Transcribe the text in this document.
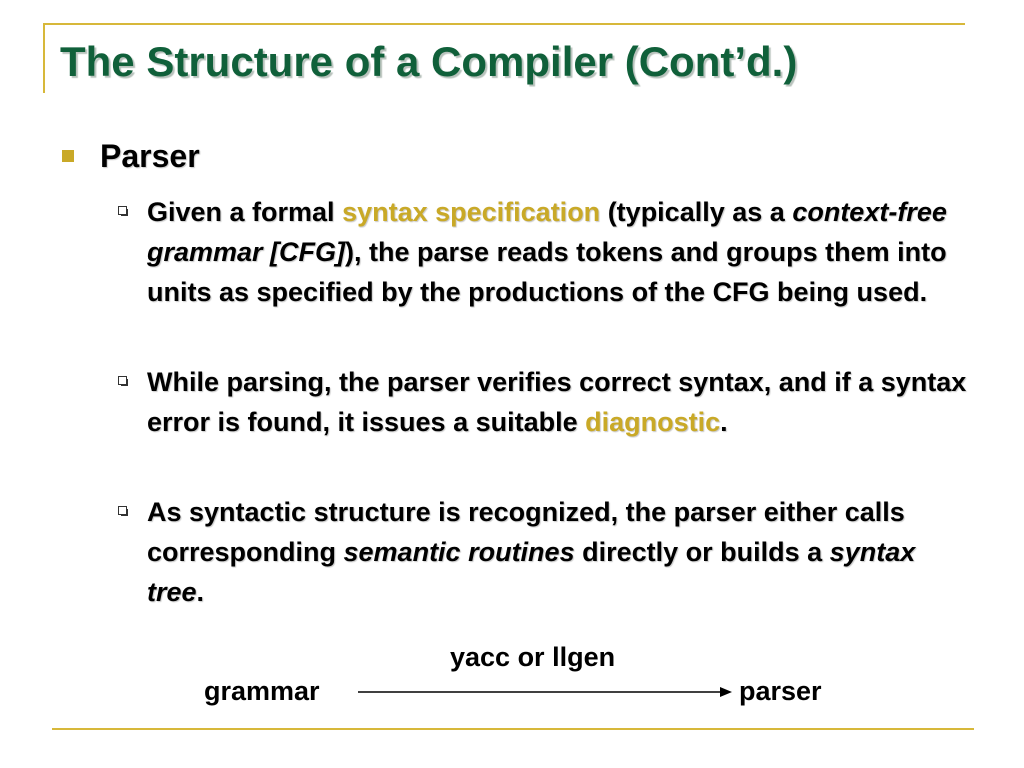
The Structure of a Compiler (Cont’d.)
Parser
Given a formal syntax specification (typically as a context-free grammar [CFG]), the parse reads tokens and groups them into units as specified by the productions of the CFG being used.
While parsing, the parser verifies correct syntax, and if a syntax error is found, it issues a suitable diagnostic.
As syntactic structure is recognized, the parser either calls corresponding semantic routines directly or builds a syntax tree.
yacc or llgen
grammar	parser
